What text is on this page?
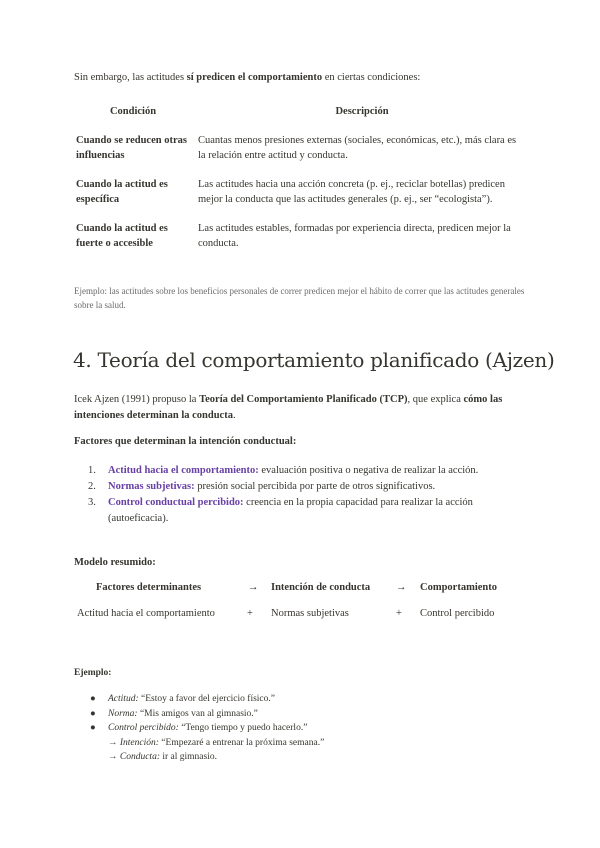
Sin embargo, las actitudes sí predicen el comportamiento en ciertas condiciones:

Condición	Descripción
Cuando se reducen otras influencias	Cuantas menos presiones externas (sociales, económicas, etc.), más clara es la relación entre actitud y conducta.
Cuando la actitud es específica	Las actitudes hacia una acción concreta (p. ej., reciclar botellas) predicen mejor la conducta que las actitudes generales (p. ej., ser “ecologista”).
Cuando la actitud es fuerte o accesible	Las actitudes estables, formadas por experiencia directa, predicen mejor la conducta.

Ejemplo: las actitudes sobre los beneficios personales de correr predicen mejor el hábito de correr que las actitudes generales sobre la salud.

4. Teoría del comportamiento planificado (Ajzen)

Icek Ajzen (1991) propuso la Teoría del Comportamiento Planificado (TCP), que explica cómo las intenciones determinan la conducta.

Factores que determinan la intención conductual:

1. Actitud hacia el comportamiento: evaluación positiva o negativa de realizar la acción.
2. Normas subjetivas: presión social percibida por parte de otros significativos.
3. Control conductual percibido: creencia en la propia capacidad para realizar la acción (autoeficacia).

Modelo resumido:

Factores determinantes	→ Intención de conducta → Comportamiento
Actitud hacia el comportamiento	+ Normas subjetivas	+ Control percibido

Ejemplo:

● Actitud: “Estoy a favor del ejercicio físico.”
● Norma: “Mis amigos van al gimnasio.”
● Control percibido: “Tengo tiempo y puedo hacerlo.”
→ Intención: “Empezaré a entrenar la próxima semana.”
→ Conducta: ir al gimnasio.
